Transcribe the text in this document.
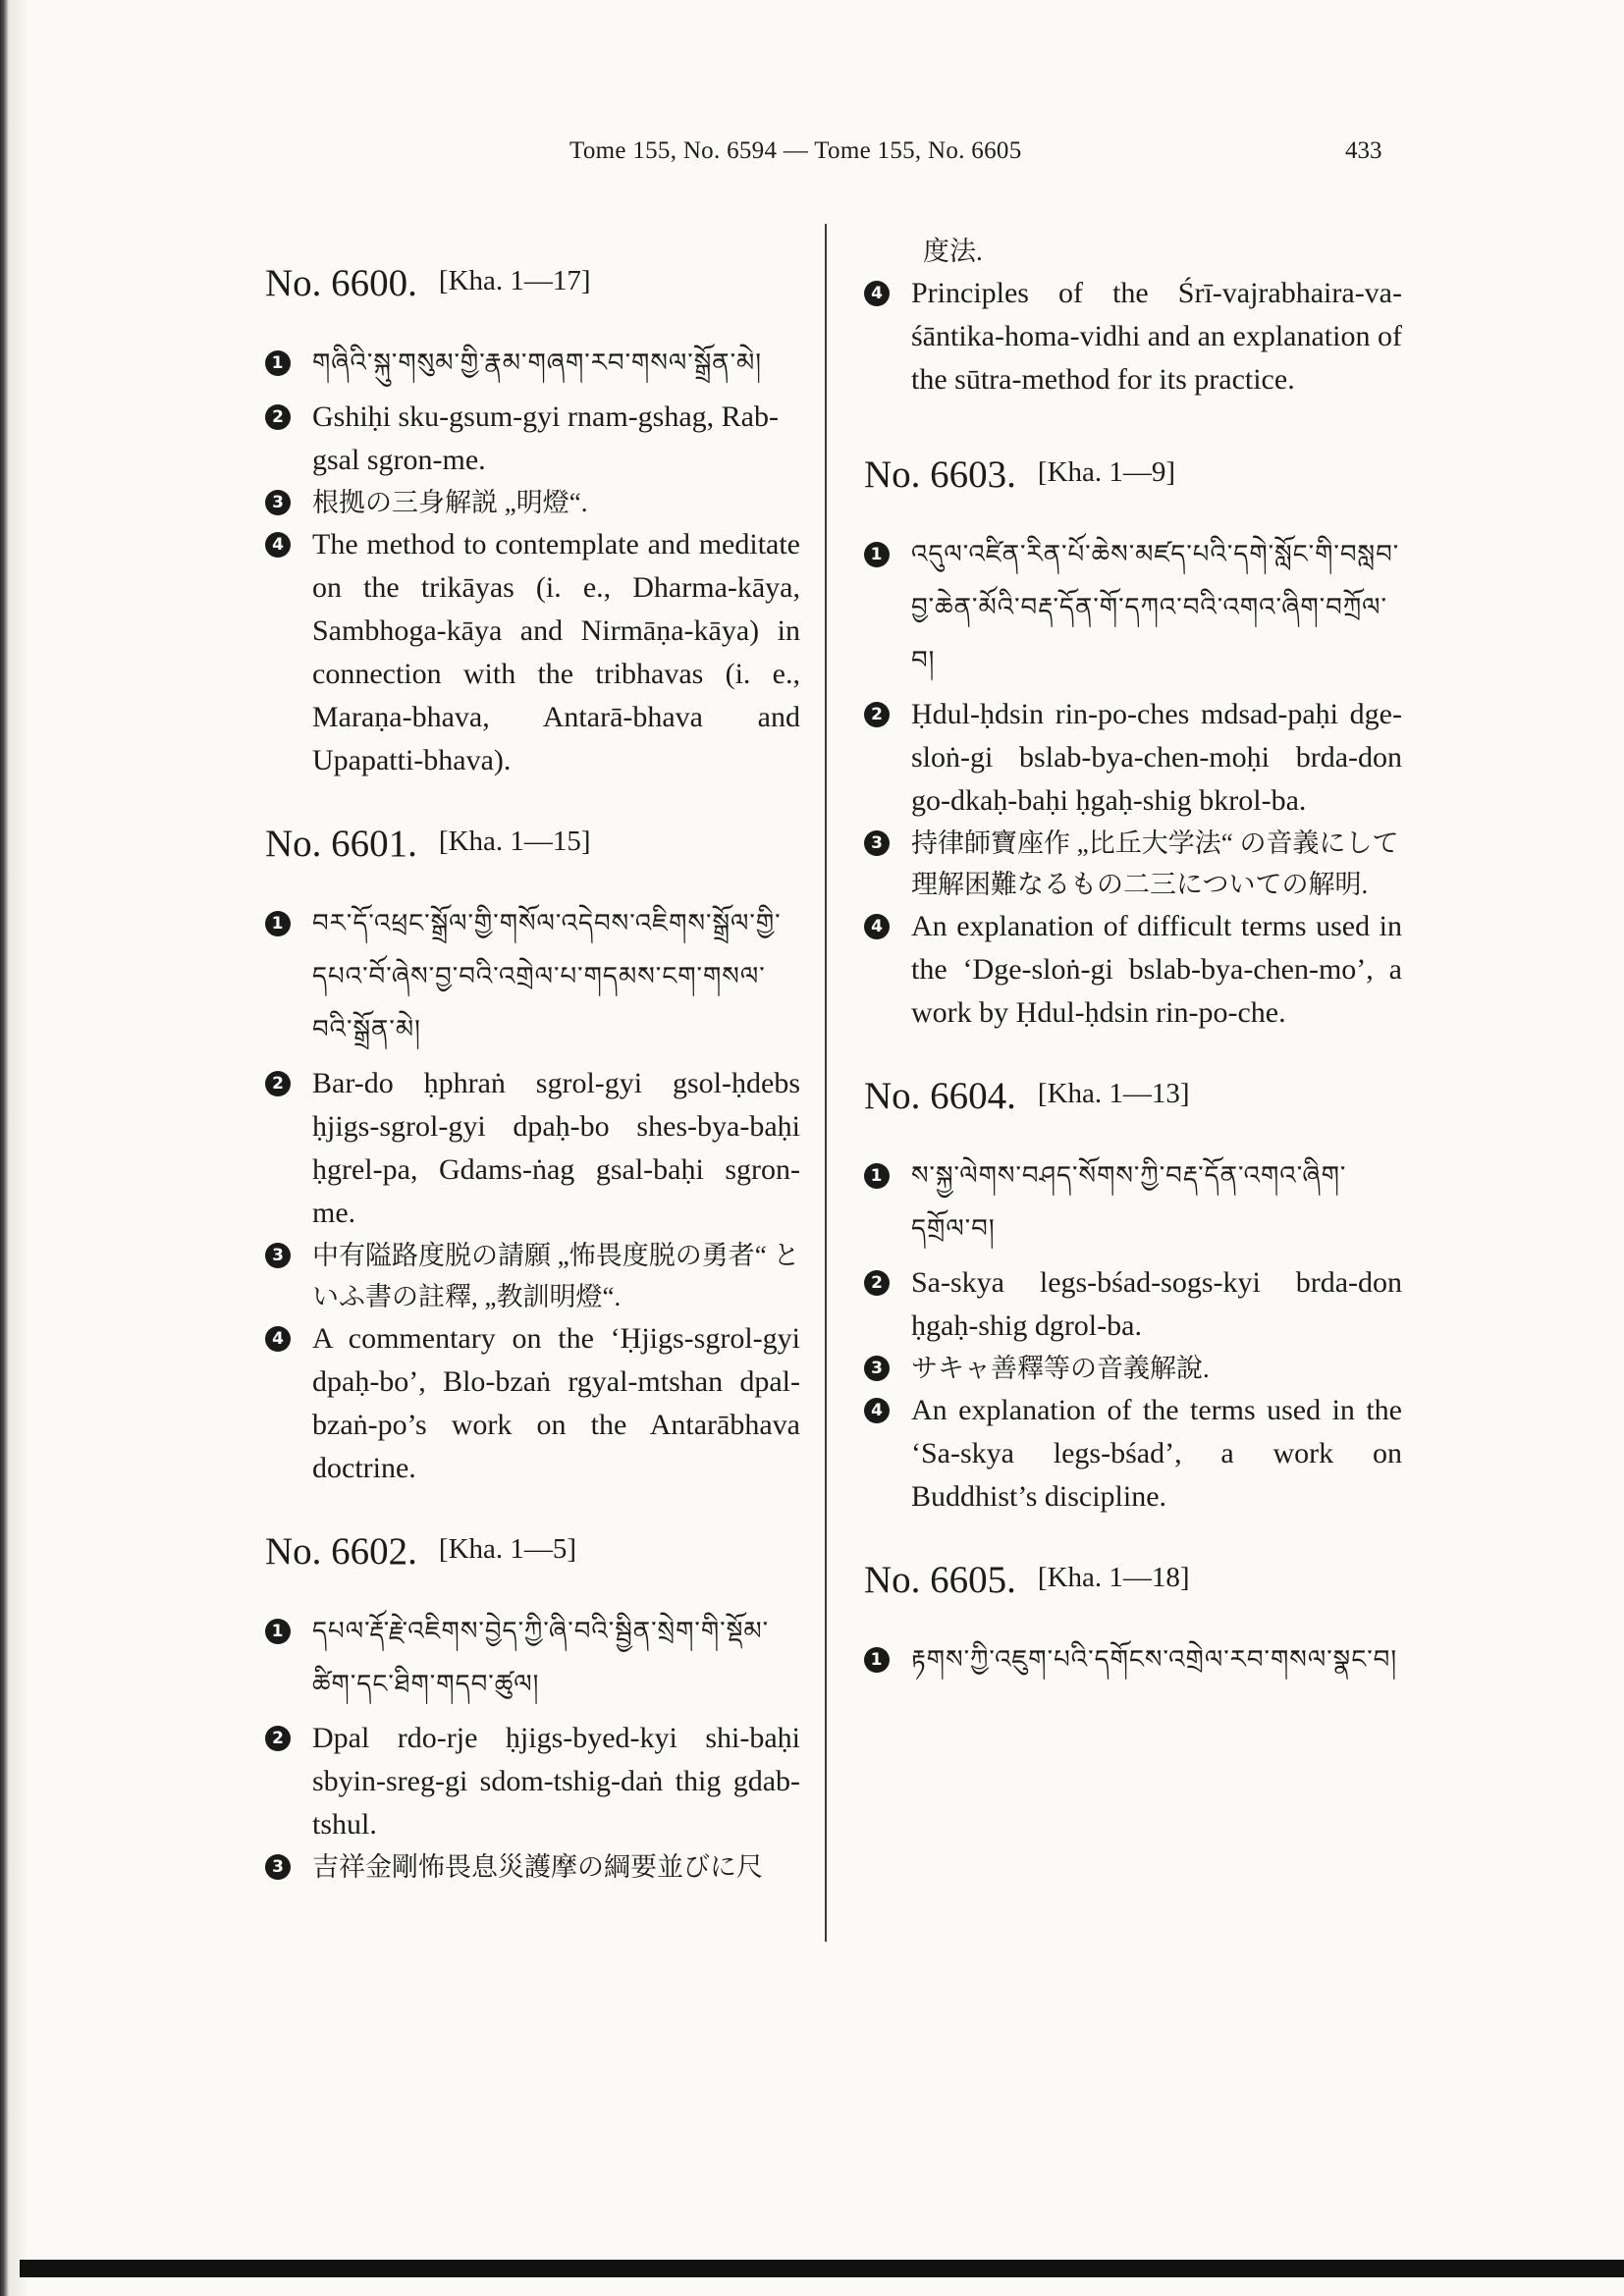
Tome 155, No. 6594 — Tome 155, No. 6605	433

No. 6600. [Kha. 1—17]

1 གཞིའི་སྐུ་གསུམ་གྱི་རྣམ་གཞག་རབ་གསལ་སྒྲོན་མེ།

2 Gshiḥi sku-gsum-gyi rnam-gshag, Rab-gsal sgron-me.

3 根拠の三身解説 „明燈“.

4 The method to contemplate and meditate on the trikāyas (i. e., Dharma-kāya, Sambhoga-kāya and Nirmāṇa-kāya) in connection with the tribhavas (i. e., Maraṇa-bhava, Antarā-bhava and Upapatti-bhava).

No. 6601. [Kha. 1—15]

1 བར་དོ་འཕྲང་སྒྲོལ་གྱི་གསོལ་འདེབས་འཇིགས་སྒྲོལ་གྱི་དཔའ་བོ་ཞེས་བྱ་བའི་འགྲེལ་པ་གདམས་ངག་གསལ་བའི་སྒྲོན་མེ།

2 Bar-do ḥphraṅ sgrol-gyi gsol-ḥdebs ḥjigs-sgrol-gyi dpaḥ-bo shes-bya-baḥi ḥgrel-pa, Gdams-ṅag gsal-baḥi sgron-me.

3 中有隘路度脱の請願 „怖畏度脱の勇者“ といふ書の註釋, „教訓明燈“.

4 A commentary on the ‘Ḥjigs-sgrol-gyi dpaḥ-bo’, Blo-bzaṅ rgyal-mtshan dpal-bzaṅ-po’s work on the Antarābhava doctrine.

No. 6602. [Kha. 1—5]

1 དཔལ་རྡོ་རྗེ་འཇིགས་བྱེད་ཀྱི་ཞི་བའི་སྦྱིན་སྲེག་གི་སྡོམ་ཚིག་དང་ཐིག་གདབ་ཚུལ།

2 Dpal rdo-rje ḥjigs-byed-kyi shi-baḥi sbyin-sreg-gi sdom-tshig-daṅ thig gdab-tshul.

3 吉祥金剛怖畏息災護摩の綱要並びに尺

度法.

4 Principles of the Śrī-vajrabhaira-va-śāntika-homa-vidhi and an explanation of the sūtra-method for its practice.

No. 6603. [Kha. 1—9]

1 འདུལ་འཛིན་རིན་པོ་ཆེས་མཛད་པའི་དགེ་སློང་གི་བསླབ་བྱ་ཆེན་མོའི་བརྡ་དོན་གོ་དཀའ་བའི་འགའ་ཞིག་བཀྲོལ་བ།

2 Ḥdul-ḥdsin rin-po-ches mdsad-paḥi dge-sloṅ-gi bslab-bya-chen-moḥi brda-don go-dkaḥ-baḥi ḥgaḥ-shig bkrol-ba.

3 持律師寶座作 „比丘大学法“ の音義にして理解困難なるもの二三についての解明.

4 An explanation of difficult terms used in the ‘Dge-sloṅ-gi bslab-bya-chen-mo’, a work by Ḥdul-ḥdsin rin-po-che.

No. 6604. [Kha. 1—13]

1 ས་སྐྱ་ལེགས་བཤད་སོགས་ཀྱི་བརྡ་དོན་འགའ་ཞིག་དགྲོལ་བ།

2 Sa-skya legs-bśad-sogs-kyi brda-don ḥgaḥ-shig dgrol-ba.

3 サキャ善釋等の音義解說.

4 An explanation of the terms used in the ‘Sa-skya legs-bśad’, a work on Buddhist’s discipline.

No. 6605. [Kha. 1—18]

1 རྟགས་ཀྱི་འཇུག་པའི་དགོངས་འགྲེལ་རབ་གསལ་སྣང་བ།
